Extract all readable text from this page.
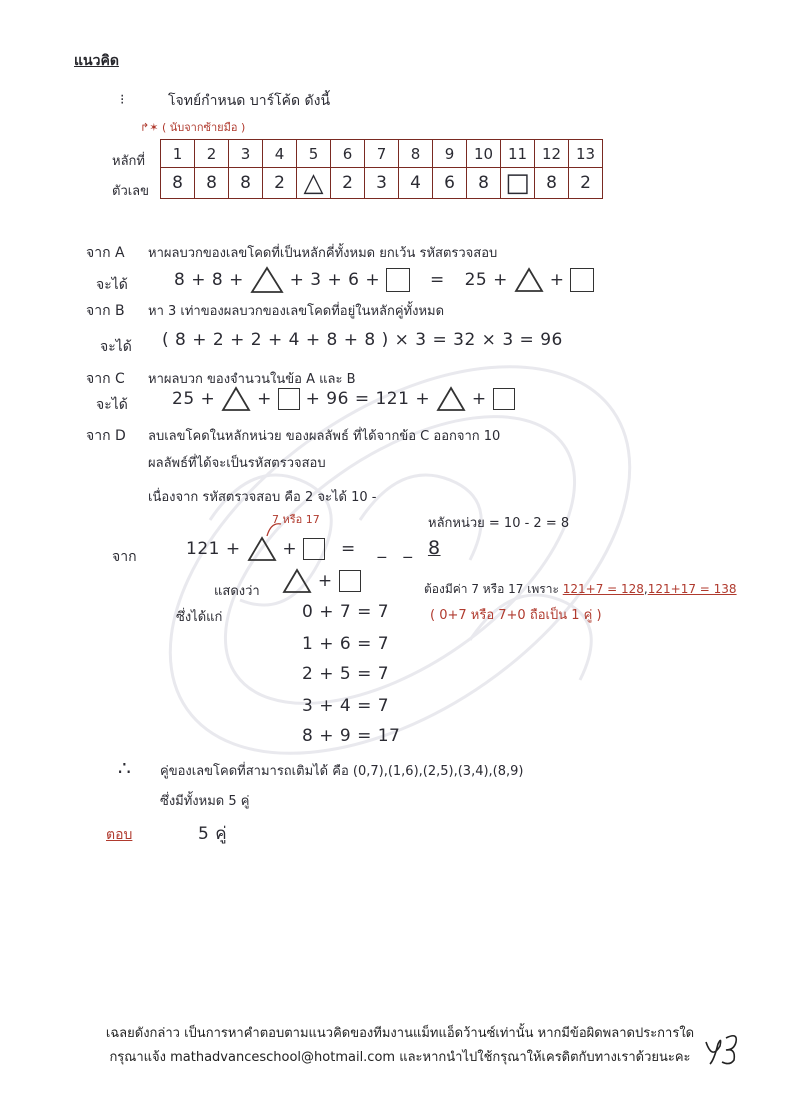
แนวคิด
⁝	โจทย์กำหนด บาร์โค้ด ดังนี้
↱✶ ( นับจากซ้ายมือ )
หลักที่
ตัวเลข
1	2	3	4	5	6	7	8	9	10	11	12	13
8	8	8	2	△	2	3	4	6	8	□	8	2
จาก A หาผลบวกของเลขโคดที่เป็นหลักคี่ทั้งหมด ยกเว้น รหัสตรวจสอบ
จะได้	8 + 8 +	+ 3 + 6 +	= 25 + +
จาก B หา 3 เท่าของผลบวกของเลขโคดที่อยู่ในหลักคู่ทั้งหมด
จะได้ ( 8 + 2 + 2 + 4 + 8 + 8 ) × 3 = 32 × 3 = 96
จาก C หาผลบวก ของจำนวนในข้อ A และ B
จะได้	25 + + + 96 = 121 + +
จาก D ลบเลขโคดในหลักหน่วย ของผลลัพธ์ ที่ได้จากข้อ C ออกจาก 10
ผลลัพธ์ที่ได้จะเป็นรหัสตรวจสอบ
เนื่องจาก รหัสตรวจสอบ คือ 2 จะได้ 10 -
หลักหน่วย = 10 - 2 = 8
7 หรือ 17
จาก	121 + +	= _ _ 8
แสดงว่า
+	ต้องมีค่า 7 หรือ 17 เพราะ 121+7 = 128,121+17 = 138
ซึ่งได้แก่	0 + 7 = 7	( 0+7 หรือ 7+0 ถือเป็น 1 คู่ )
1 + 6 = 7
2 + 5 = 7
3 + 4 = 7
8 + 9 = 17
∴ คู่ของเลขโคดที่สามารถเติมได้ คือ (0,7),(1,6),(2,5),(3,4),(8,9)
ซึ่งมีทั้งหมด 5 คู่
ตอบ	5 คู่
เฉลยดังกล่าว เป็นการหาคำตอบตามแนวคิดของทีมงานแม็ทแอ็ดว้านซ์เท่านั้น หากมีข้อผิดพลาดประการใด
กรุณาแจ้ง mathadvanceschool@hotmail.com และหากนำไปใช้กรุณาให้เครดิตกับทางเราด้วยนะคะ
